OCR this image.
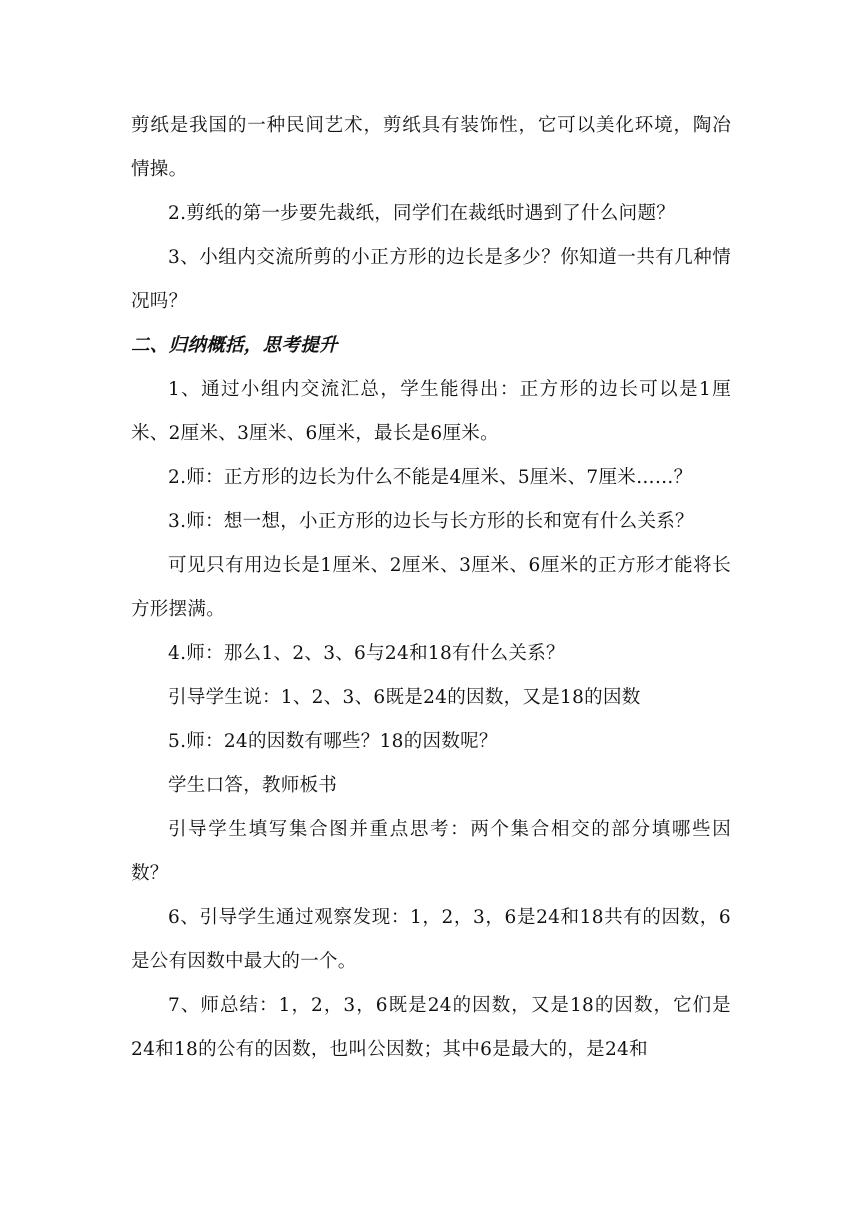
剪纸是我国的一种民间艺术，剪纸具有装饰性，它可以美化环境，陶冶情操。

2.剪纸的第一步要先裁纸，同学们在裁纸时遇到了什么问题？

3、小组内交流所剪的小正方形的边长是多少？你知道一共有几种情况吗？

二、归纳概括，思考提升

1、通过小组内交流汇总，学生能得出：正方形的边长可以是1厘米、2厘米、3厘米、6厘米，最长是6厘米。

2.师：正方形的边长为什么不能是4厘米、5厘米、7厘米……？

3.师：想一想，小正方形的边长与长方形的长和宽有什么关系？

可见只有用边长是1厘米、2厘米、3厘米、6厘米的正方形才能将长方形摆满。

4.师：那么1、2、3、6与24和18有什么关系？

引导学生说：1、2、3、6既是24的因数，又是18的因数

5.师：24的因数有哪些？18的因数呢？

学生口答，教师板书

引导学生填写集合图并重点思考：两个集合相交的部分填哪些因数？

6、引导学生通过观察发现：1，2，3，6是24和18共有的因数，6是公有因数中最大的一个。

7、师总结：1，2，3，6既是24的因数，又是18的因数，它们是24和18的公有的因数，也叫公因数；其中6是最大的，是24和
